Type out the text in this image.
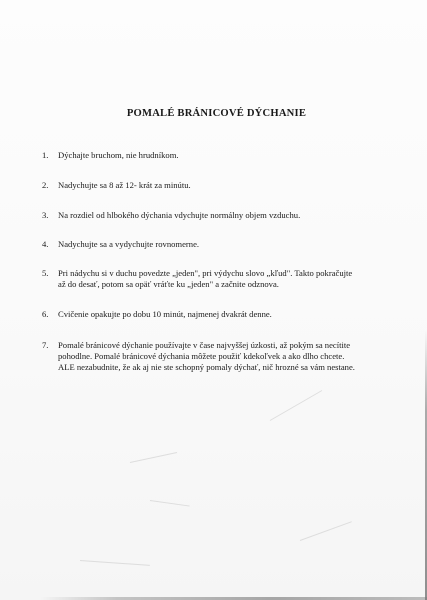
POMALÉ BRÁNICOVÉ DÝCHANIE
1.	Dýchajte bruchom, nie hrudníkom.
2.	Nadychujte sa 8 až 12- krát za minútu.
3.	Na rozdiel od hlbokého dýchania vdychujte normálny objem vzduchu.
4.	Nadychujte sa a vydychujte rovnomerne.
5.	Pri nádychu si v duchu povedzte „jeden", pri výdychu slovo „kľud". Takto pokračujte
až do desať, potom sa opäť vráťte ku „jeden" a začnite odznova.
6.	Cvičenie opakujte po dobu 10 minút, najmenej dvakrát denne.
7.	Pomalé bránicové dýchanie používajte v čase najvyššej úzkosti, až pokým sa necítite
pohodlne. Pomalé bránicové dýchania môžete použiť kdekoľvek a ako dlho chcete.
ALE nezabudnite, že ak aj nie ste schopný pomaly dýchať, nič hrozné sa vám nestane.
